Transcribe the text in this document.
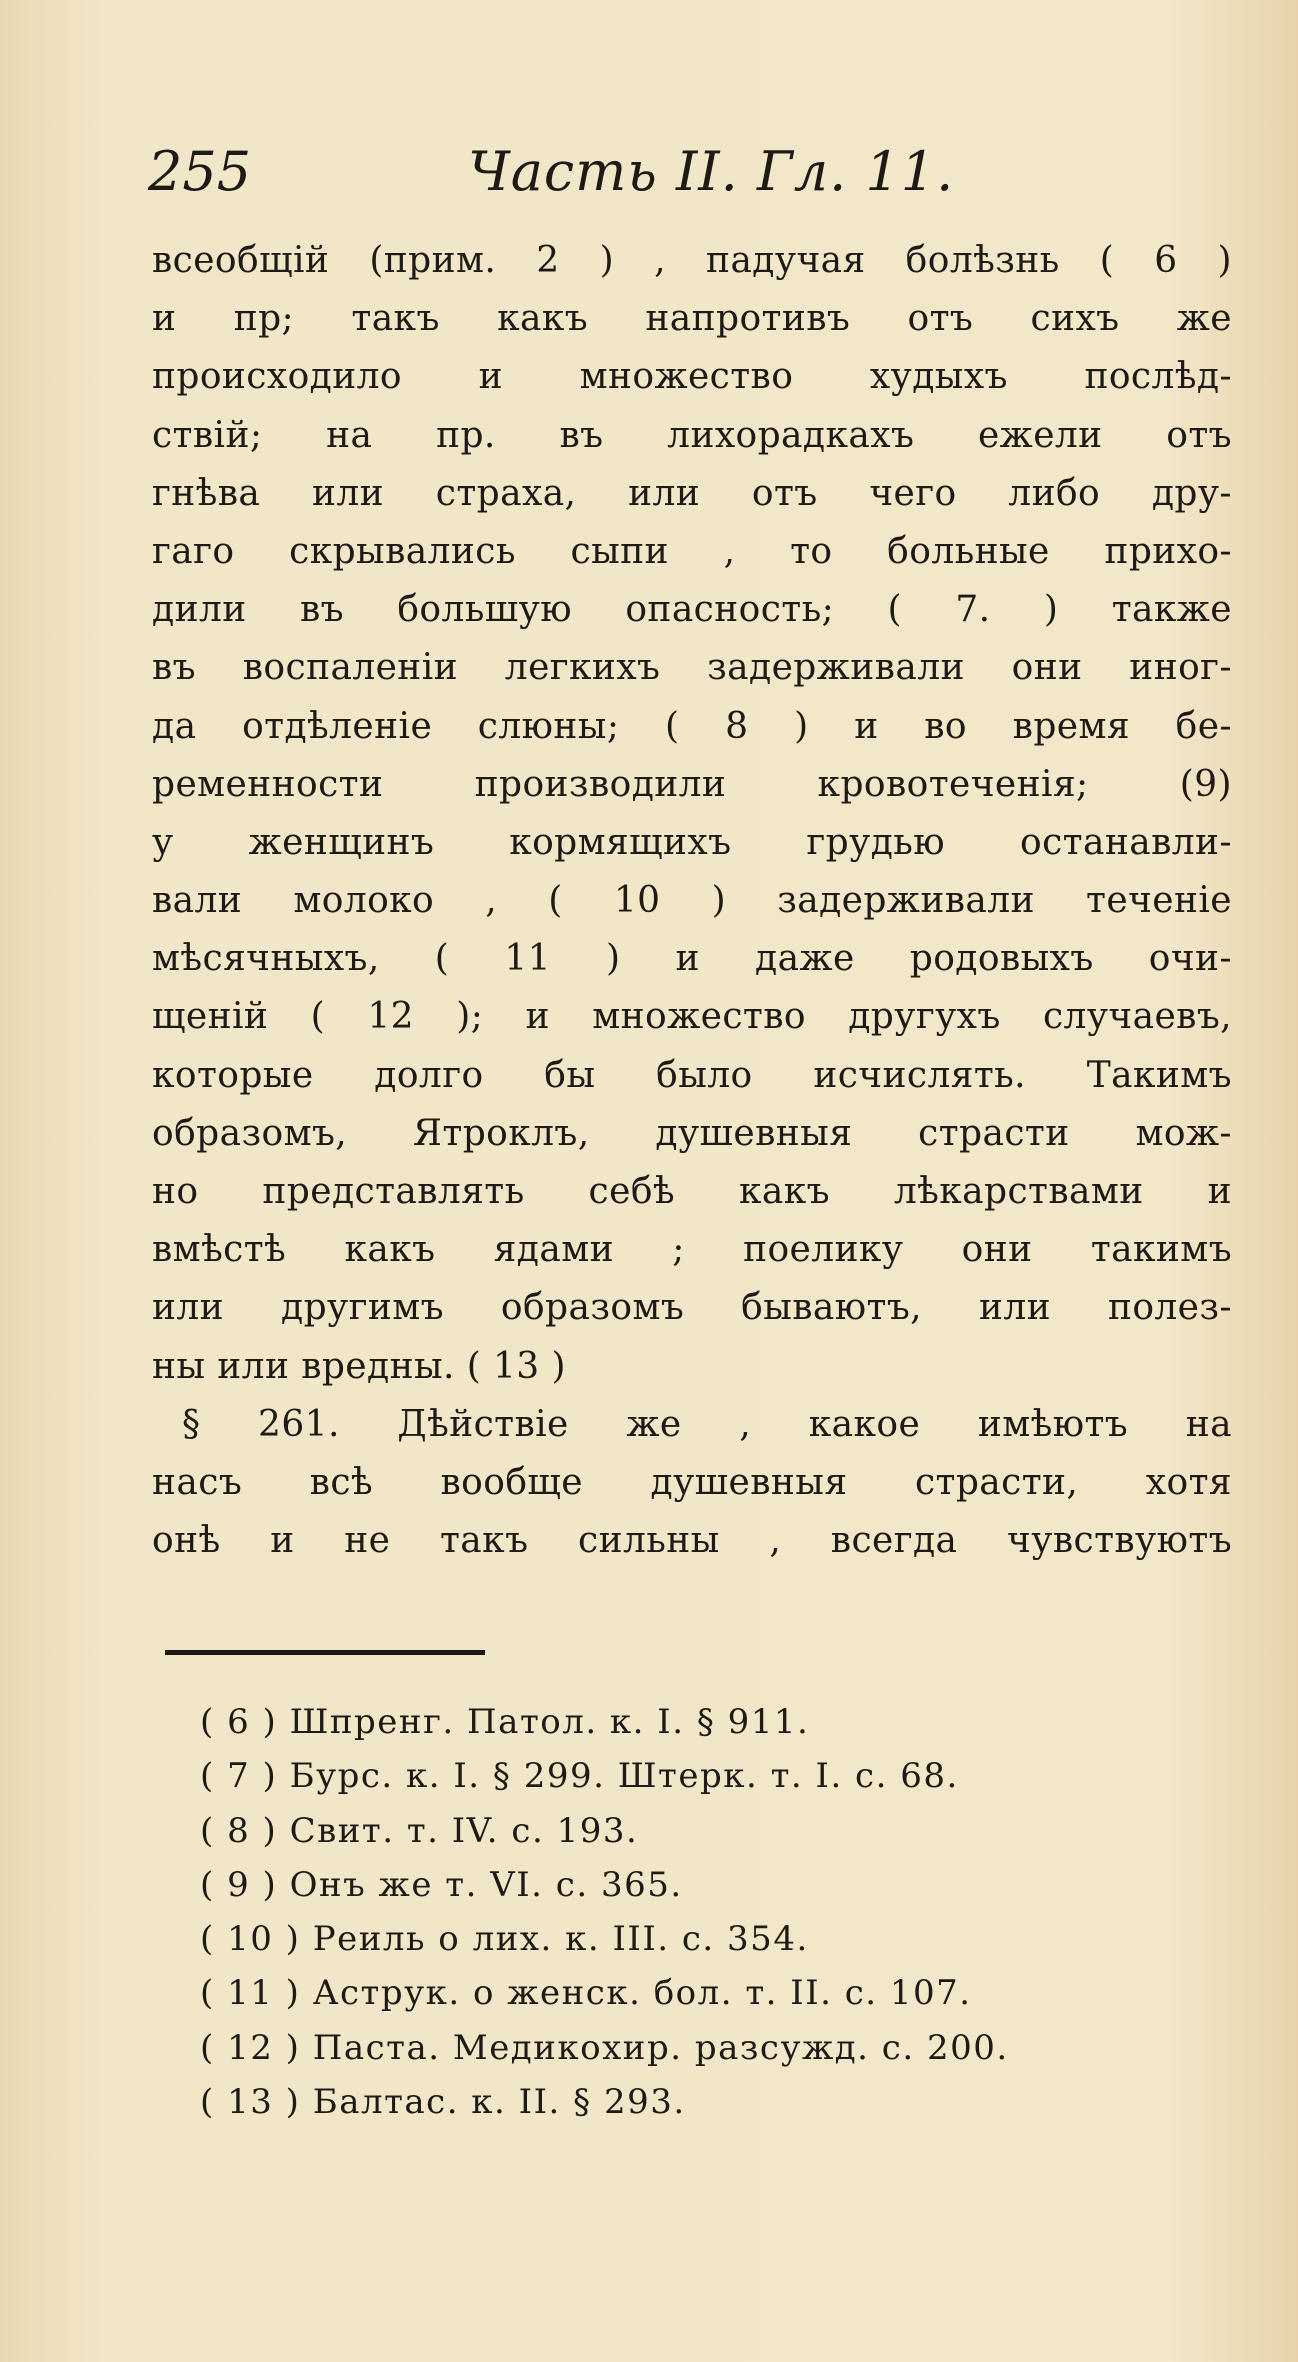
255	Часть II. Гл. 11.
всеобщій (прим. 2 ) , падучая болѣзнь ( 6 )
и пр; такъ какъ напротивъ отъ сихъ же
происходило и множество худыхъ послѣд-
ствій; на пр. въ лихорадкахъ ежели отъ
гнѣва или страха, или отъ чего либо дру-
гаго скрывались сыпи , то больные прихо-
дили въ большую опасность; ( 7. ) также
въ воспаленіи легкихъ задерживали они иног-
да отдѣленіе слюны; ( 8 ) и во время бе-
ременности производили кровотеченія; (9)
у женщинъ кормящихъ грудью останавли-
вали молоко , ( 10 ) задерживали теченіе
мѣсячныхъ, ( 11 ) и даже родовыхъ очи-
щеній ( 12 ); и множество другухъ случаевъ,
которые долго бы было исчислять. Такимъ
образомъ, Ятроклъ, душевныя страсти мож-
но представлять себѣ какъ лѣкарствами и
вмѣстѣ какъ ядами ; поелику они такимъ
или другимъ образомъ бываютъ, или полез-
ны или вредны. ( 13 )
§ 261. Дѣйствіе же , какое имѣютъ на
насъ всѣ вообще душевныя страсти, хотя
онѣ и не такъ сильны , всегда чувствуютъ
( 6 ) Шпренг. Патол. к. I. § 911.
( 7 ) Бурс. к. I. § 299. Штерк. т. I. с. 68.
( 8 ) Свит. т. IV. с. 193.
( 9 ) Онъ же т. VI. с. 365.
( 10 ) Реиль о лих. к. III. с. 354.
( 11 ) Аструк. о женск. бол. т. II. с. 107.
( 12 ) Паста. Медикохир. разсужд. с. 200.
( 13 ) Балтас. к. II. § 293.
